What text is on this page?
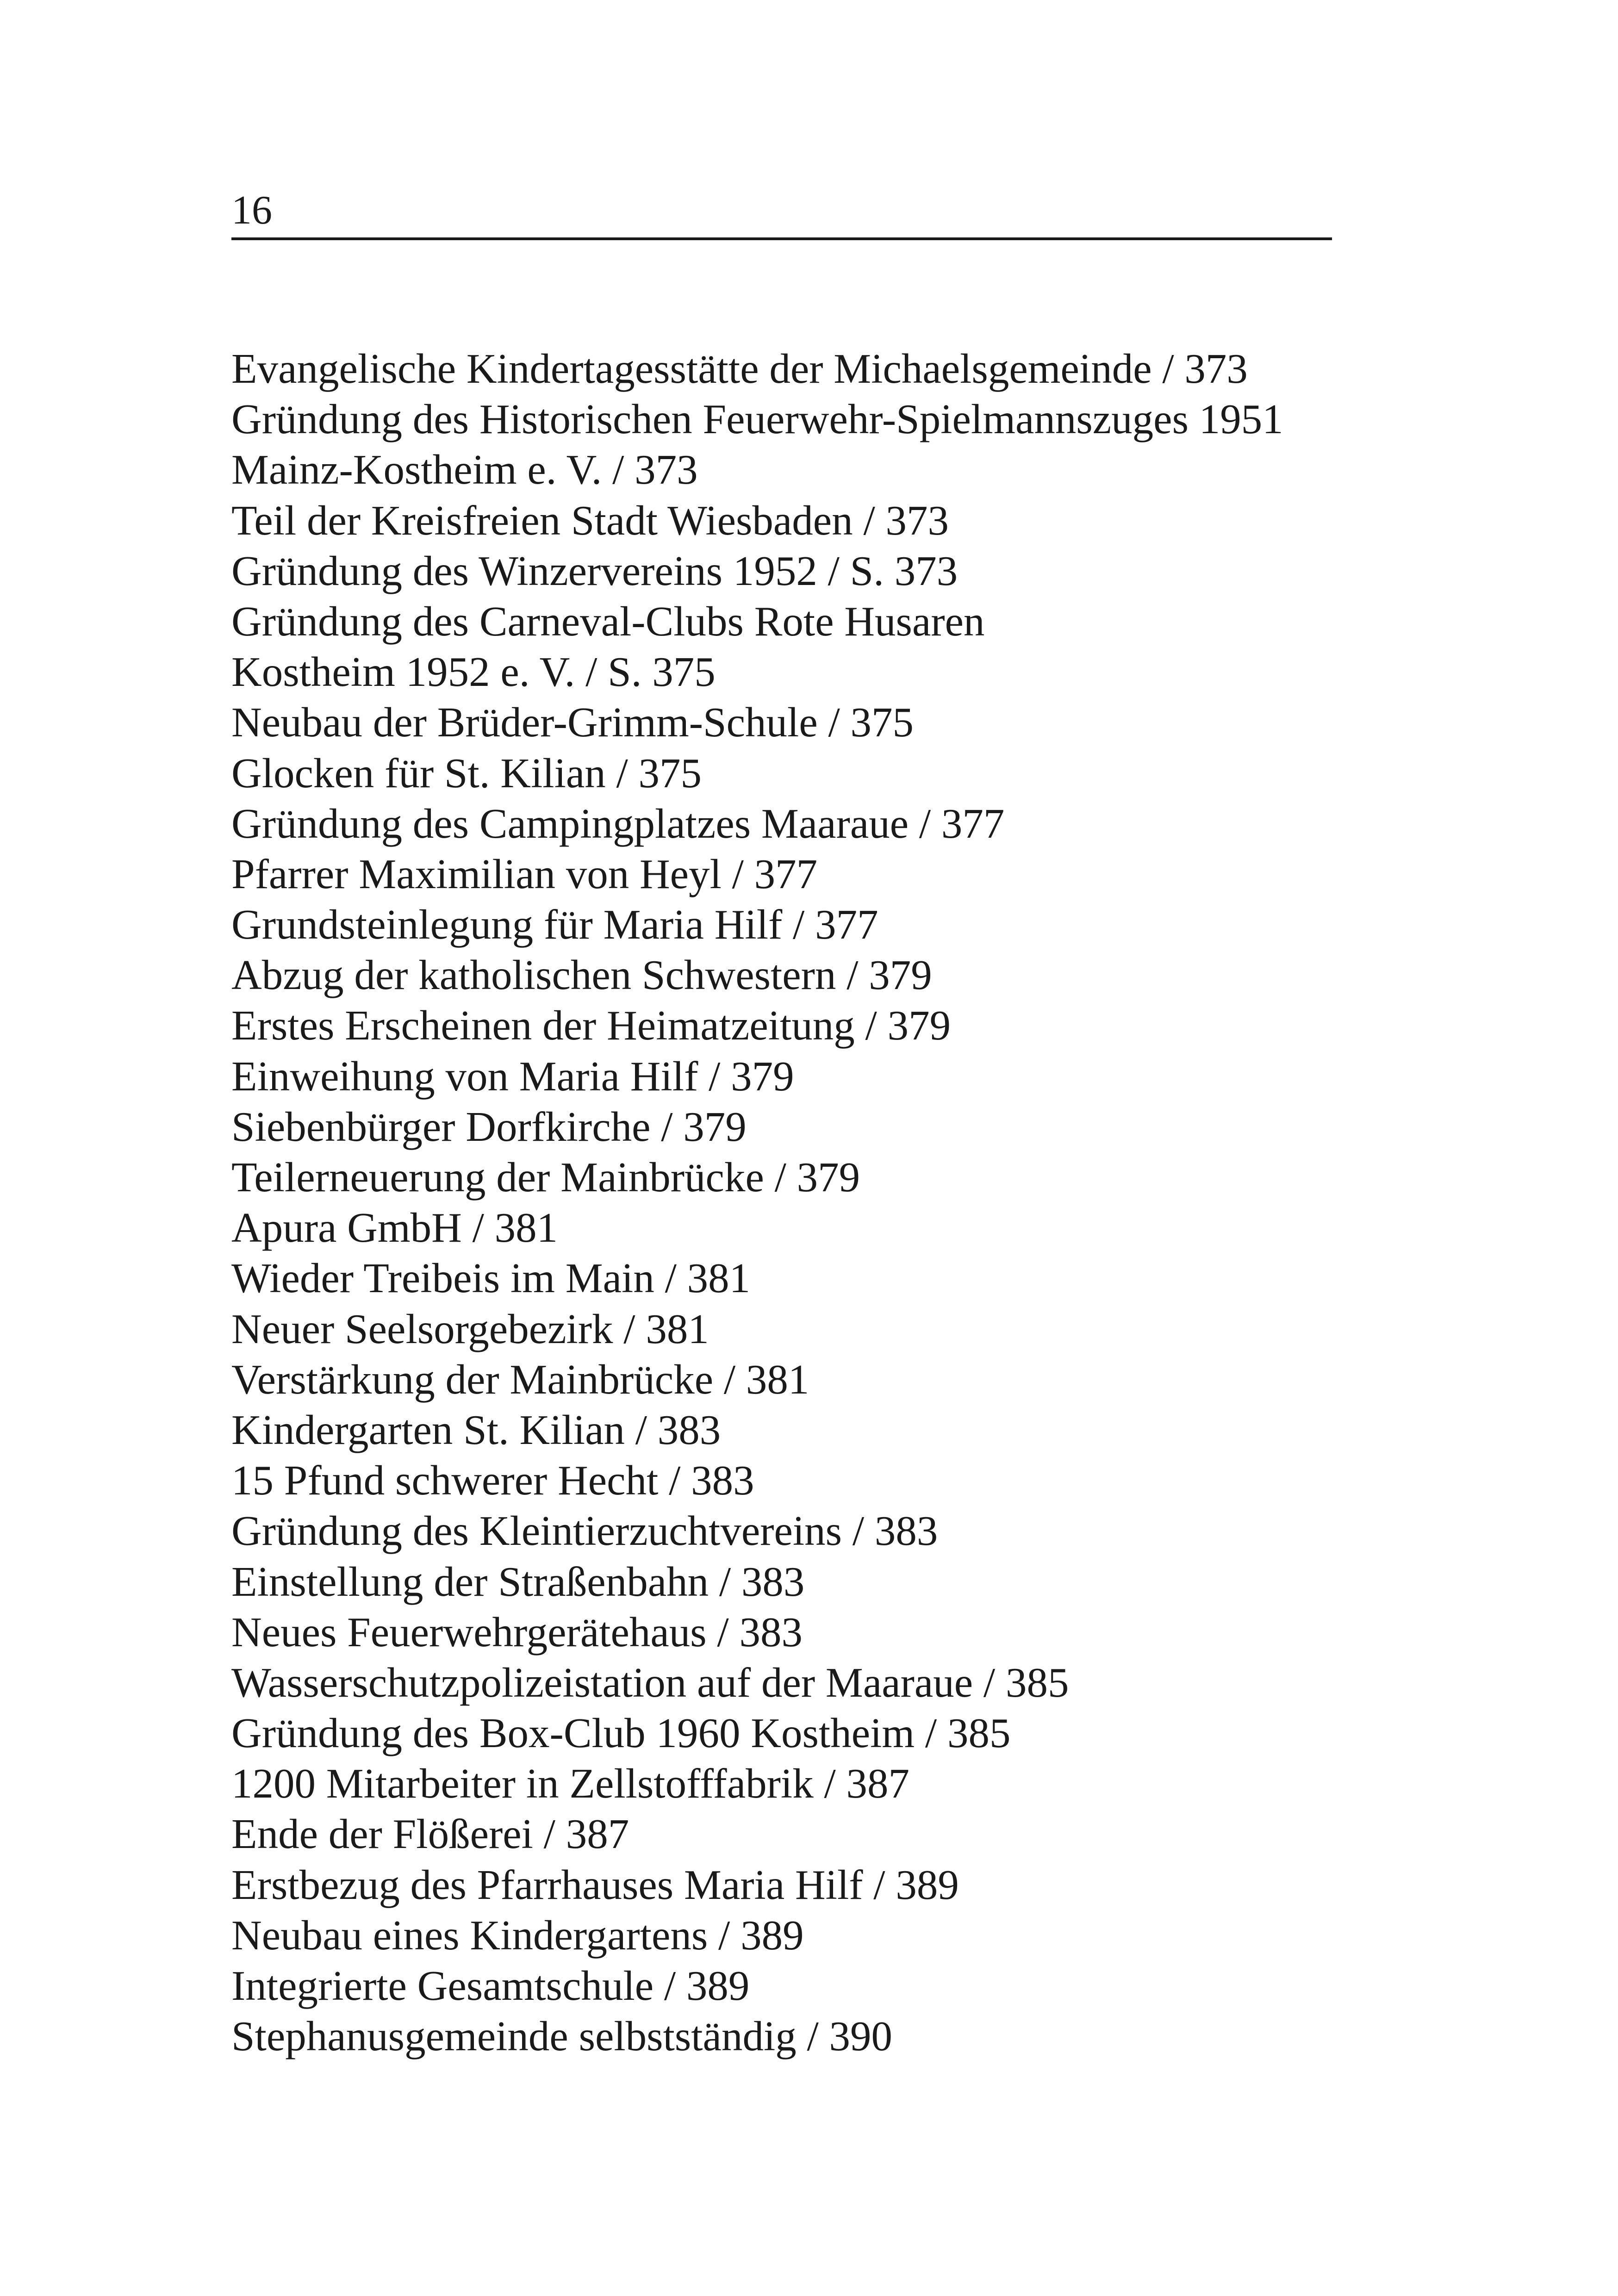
16
Evangelische Kindertagesstätte der Michaelsgemeinde / 373
Gründung des Historischen Feuerwehr-Spielmannszuges 1951
Mainz-Kostheim e. V. / 373
Teil der Kreisfreien Stadt Wiesbaden / 373
Gründung des Winzervereins 1952 / S. 373
Gründung des Carneval-Clubs Rote Husaren
Kostheim 1952 e. V. / S. 375
Neubau der Brüder-Grimm-Schule / 375
Glocken für St. Kilian / 375
Gründung des Campingplatzes Maaraue / 377
Pfarrer Maximilian von Heyl / 377
Grundsteinlegung für Maria Hilf / 377
Abzug der katholischen Schwestern / 379
Erstes Erscheinen der Heimatzeitung / 379
Einweihung von Maria Hilf / 379
Siebenbürger Dorfkirche / 379
Teilerneuerung der Mainbrücke / 379
Apura GmbH / 381
Wieder Treibeis im Main / 381
Neuer Seelsorgebezirk / 381
Verstärkung der Mainbrücke / 381
Kindergarten St. Kilian / 383
15 Pfund schwerer Hecht / 383
Gründung des Kleintierzuchtvereins / 383
Einstellung der Straßenbahn / 383
Neues Feuerwehrgerätehaus / 383
Wasserschutzpolizeistation auf der Maaraue / 385
Gründung des Box-Club 1960 Kostheim / 385
1200 Mitarbeiter in Zellstofffabrik / 387
Ende der Flößerei / 387
Erstbezug des Pfarrhauses Maria Hilf / 389
Neubau eines Kindergartens / 389
Integrierte Gesamtschule / 389
Stephanusgemeinde selbstständig / 390
